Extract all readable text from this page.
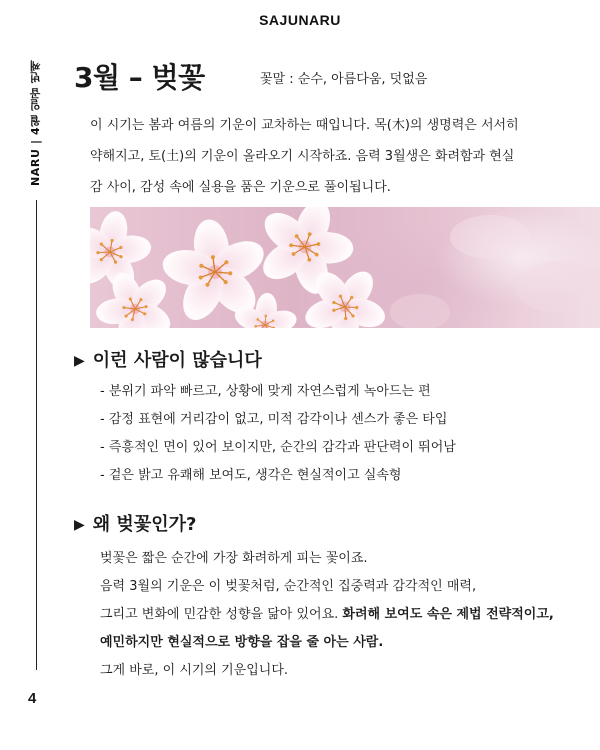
SAJUNARU
NARU | 4월 일곱 번째
4
3월 – 벚꽃	꽃말 : 순수, 아름다움, 덧없음
이 시기는 봄과 여름의 기운이 교차하는 때입니다. 목(木)의 생명력은 서서히
약해지고, 토(土)의 기운이 올라오기 시작하죠. 음력 3월생은 화려함과 현실
감 사이, 감성 속에 실용을 품은 기운으로 풀이됩니다.
▶ 이런 사람이 많습니다
- 분위기 파악 빠르고, 상황에 맞게 자연스럽게 녹아드는 편
- 감정 표현에 거리감이 없고, 미적 감각이나 센스가 좋은 타입
- 즉흥적인 면이 있어 보이지만, 순간의 감각과 판단력이 뛰어남
- 겉은 밝고 유쾌해 보여도, 생각은 현실적이고 실속형
▶ 왜 벚꽃인가?
벚꽃은 짧은 순간에 가장 화려하게 피는 꽃이죠.
음력 3월의 기운은 이 벚꽃처럼, 순간적인 집중력과 감각적인 매력,
그리고 변화에 민감한 성향을 닮아 있어요. 화려해 보여도 속은 제법 전략적이고,
예민하지만 현실적으로 방향을 잡을 줄 아는 사람.
그게 바로, 이 시기의 기운입니다.
